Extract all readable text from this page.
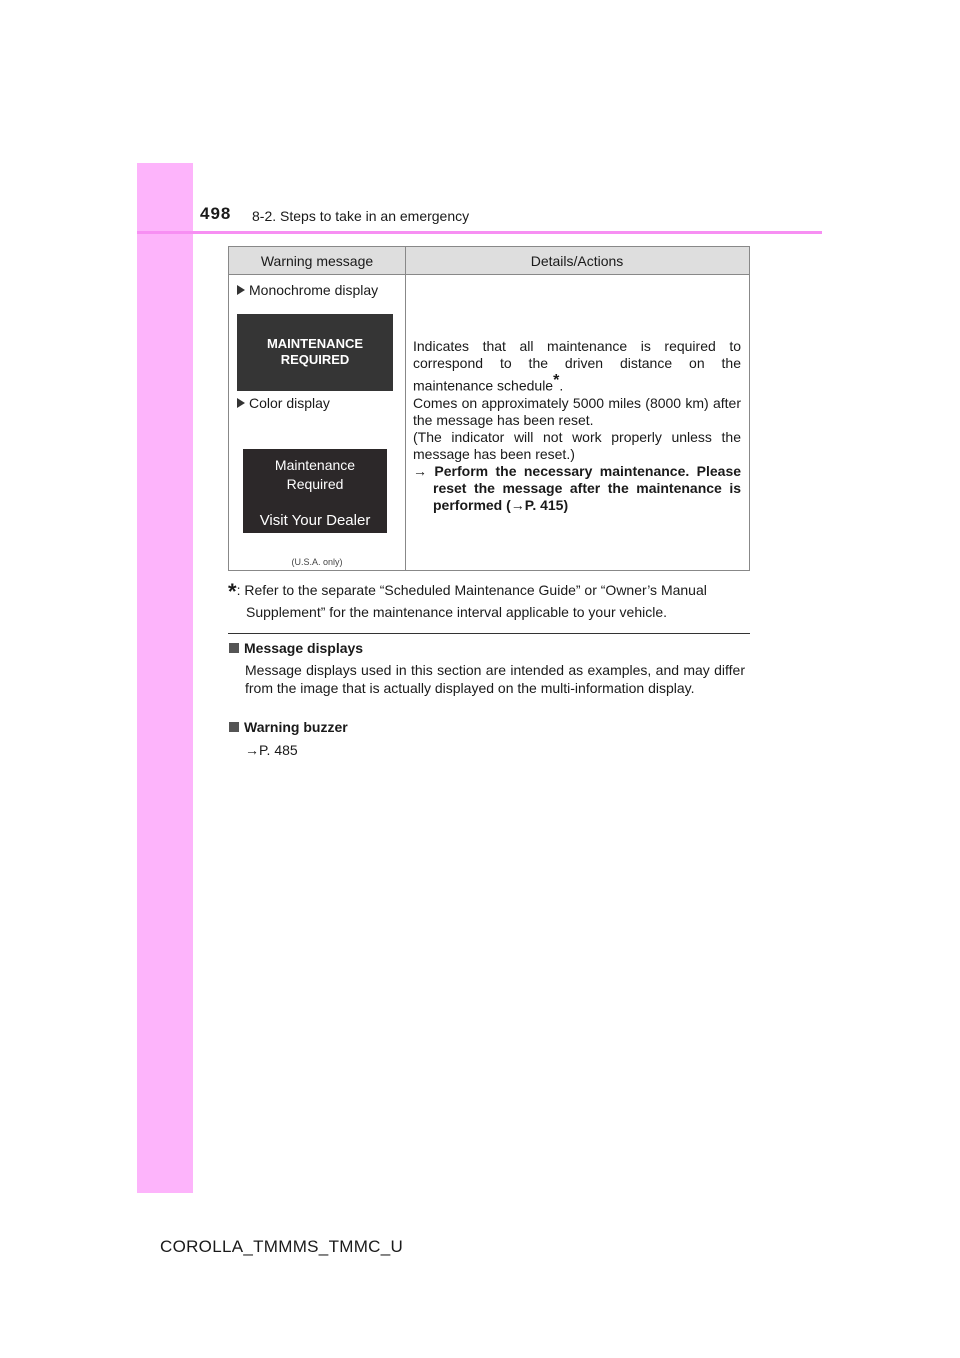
498 8-2. Steps to take in an emergency
Warning message	Details/Actions
Monochrome display
MAINTENANCE
REQUIRED
Color display
Maintenance
Required
Visit Your Dealer
(U.S.A. only)

Indicates that all maintenance is required to correspond to the driven distance on the maintenance schedule*.

Comes on approximately 5000 miles (8000 km) after the message has been reset.

(The indicator will not work properly unless the message has been reset.)

→ Perform the necessary maintenance. Please reset the message after the maintenance is performed (→P. 415)

*: Refer to the separate “Scheduled Maintenance Guide” or “Owner’s Manual
Supplement” for the maintenance interval applicable to your vehicle.
Message displays
Message displays used in this section are intended as examples, and may differ from the image that is actually displayed on the multi-information display.
Warning buzzer
→P. 485
COROLLA_TMMMS_TMMC_U
